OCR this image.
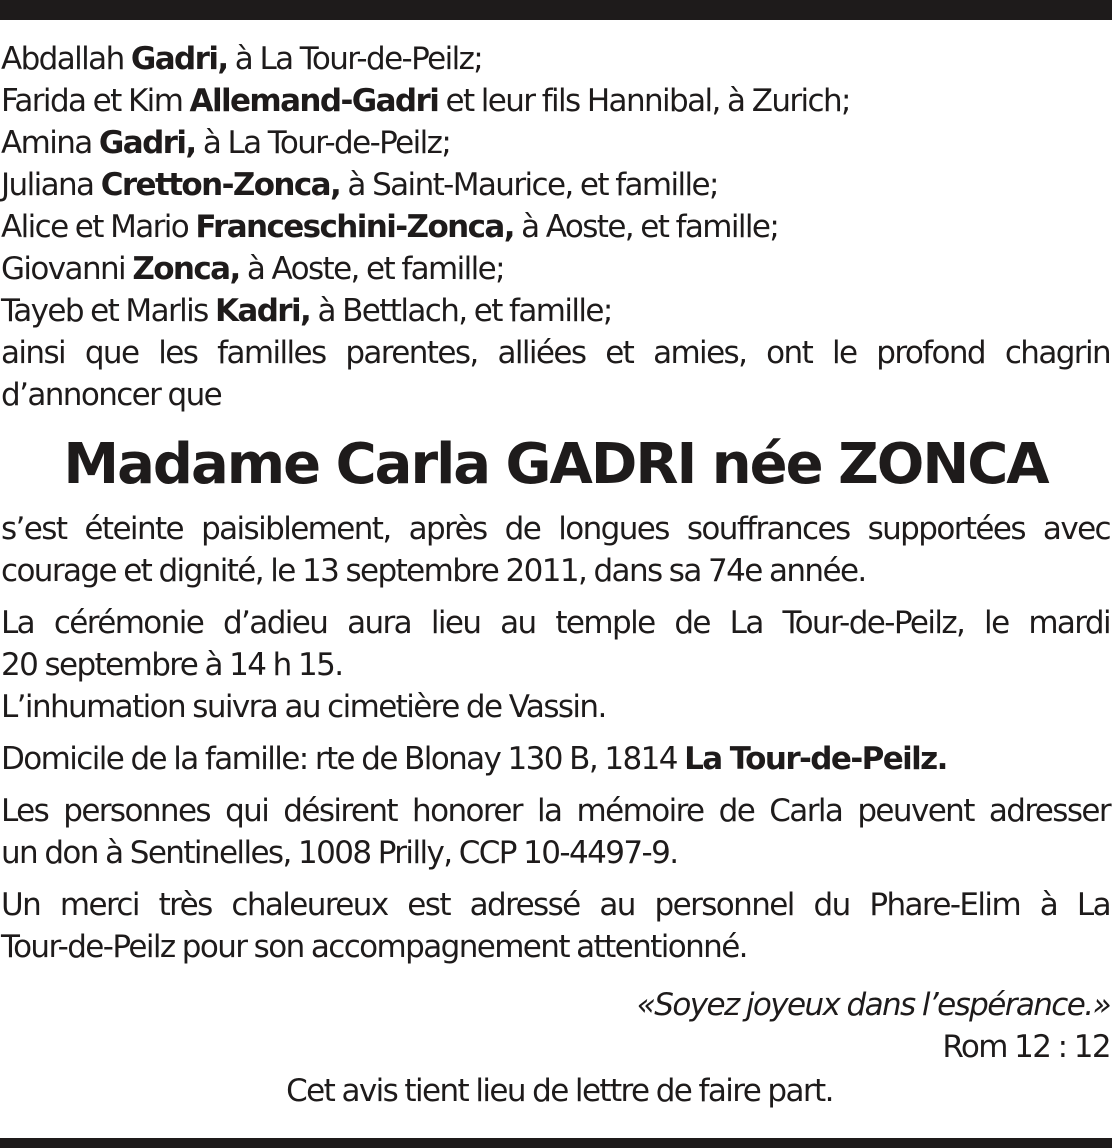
Abdallah Gadri, à La Tour-de-Peilz;
Farida et Kim Allemand-Gadri et leur fils Hannibal, à Zurich;
Amina Gadri, à La Tour-de-Peilz;
Juliana Cretton-Zonca, à Saint-Maurice, et famille;
Alice et Mario Franceschini-Zonca, à Aoste, et famille;
Giovanni Zonca, à Aoste, et famille;
Tayeb et Marlis Kadri, à Bettlach, et famille;
ainsi que les familles parentes, alliées et amies, ont le profond chagrin
d’annoncer que
Madame Carla GADRI née ZONCA
s’est éteinte paisiblement, après de longues souffrances supportées avec
courage et dignité, le 13 septembre 2011, dans sa 74e année.
La cérémonie d’adieu aura lieu au temple de La Tour-de-Peilz, le mardi
20 septembre à 14 h 15.
L’inhumation suivra au cimetière de Vassin.
Domicile de la famille: rte de Blonay 130 B, 1814 La Tour-de-Peilz.
Les personnes qui désirent honorer la mémoire de Carla peuvent adresser
un don à Sentinelles, 1008 Prilly, CCP 10-4497-9.
Un merci très chaleureux est adressé au personnel du Phare-Elim à La
Tour-de-Peilz pour son accompagnement attentionné.
«Soyez joyeux dans l’espérance.»
Rom 12 : 12
Cet avis tient lieu de lettre de faire part.
